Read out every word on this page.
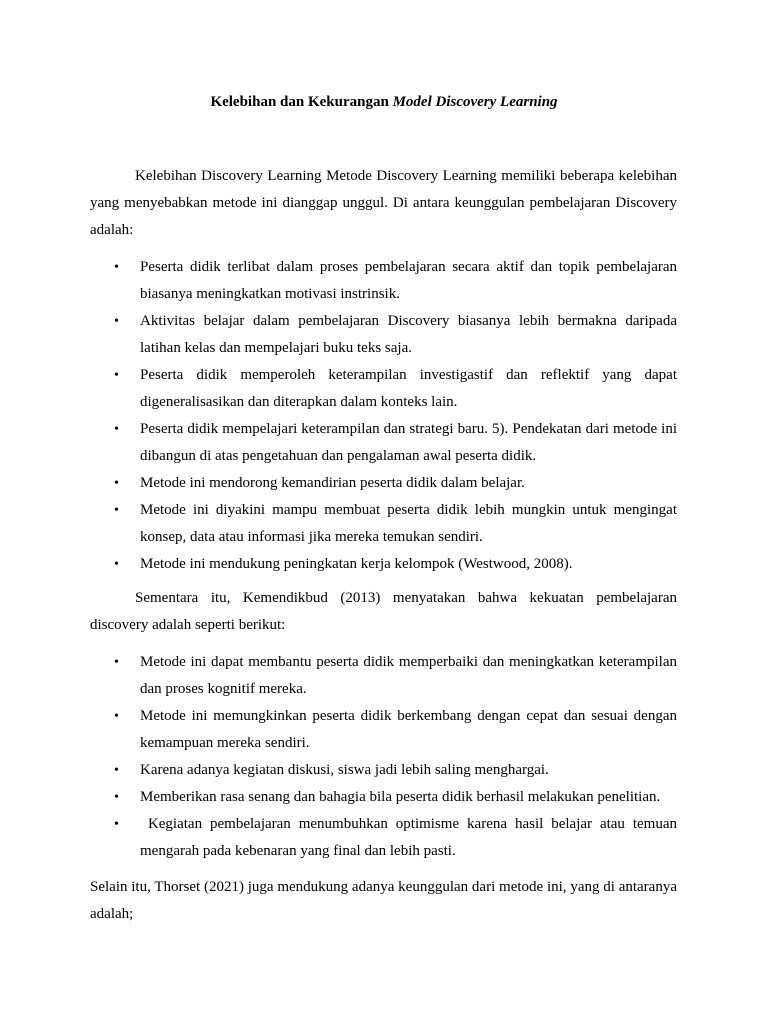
Kelebihan dan Kekurangan Model Discovery Learning

Kelebihan Discovery Learning Metode Discovery Learning memiliki beberapa kelebihan yang menyebabkan metode ini dianggap unggul. Di antara keunggulan pembelajaran Discovery adalah:

• Peserta didik terlibat dalam proses pembelajaran secara aktif dan topik pembelajaran biasanya meningkatkan motivasi instrinsik.
• Aktivitas belajar dalam pembelajaran Discovery biasanya lebih bermakna daripada latihan kelas dan mempelajari buku teks saja.
• Peserta didik memperoleh keterampilan investigastif dan reflektif yang dapat digeneralisasikan dan diterapkan dalam konteks lain.
• Peserta didik mempelajari keterampilan dan strategi baru. 5). Pendekatan dari metode ini dibangun di atas pengetahuan dan pengalaman awal peserta didik.
• Metode ini mendorong kemandirian peserta didik dalam belajar.
• Metode ini diyakini mampu membuat peserta didik lebih mungkin untuk mengingat konsep, data atau informasi jika mereka temukan sendiri.
• Metode ini mendukung peningkatan kerja kelompok (Westwood, 2008).

Sementara itu, Kemendikbud (2013) menyatakan bahwa kekuatan pembelajaran discovery adalah seperti berikut:

• Metode ini dapat membantu peserta didik memperbaiki dan meningkatkan keterampilan dan proses kognitif mereka.
• Metode ini memungkinkan peserta didik berkembang dengan cepat dan sesuai dengan kemampuan mereka sendiri.
• Karena adanya kegiatan diskusi, siswa jadi lebih saling menghargai.
• Memberikan rasa senang dan bahagia bila peserta didik berhasil melakukan penelitian.
• Kegiatan pembelajaran menumbuhkan optimisme karena hasil belajar atau temuan mengarah pada kebenaran yang final dan lebih pasti.

Selain itu, Thorset (2021) juga mendukung adanya keunggulan dari metode ini, yang di antaranya adalah;
